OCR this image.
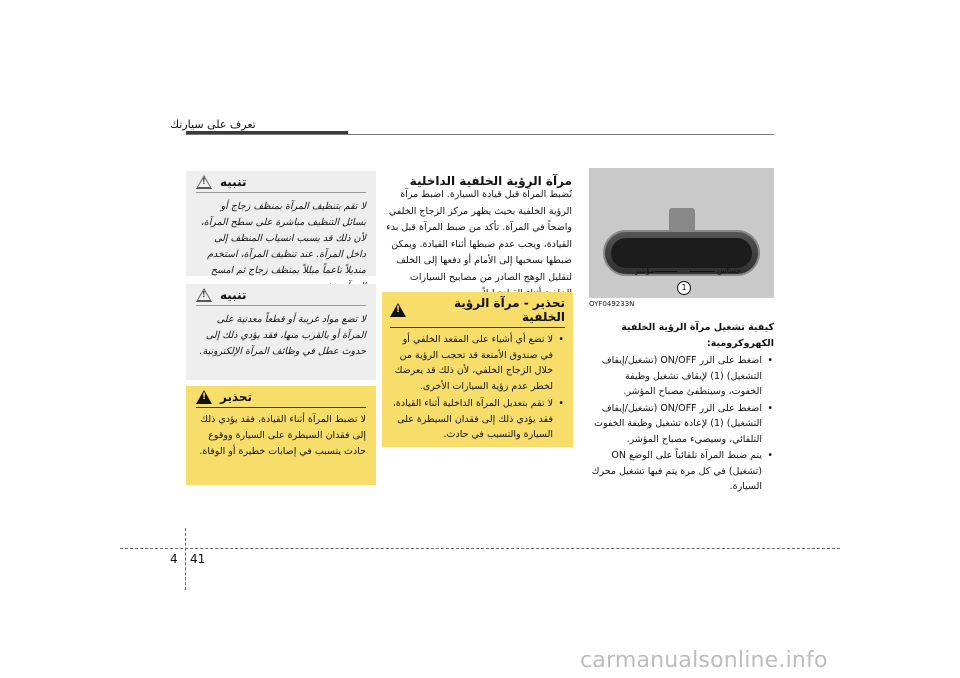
تعرف على سيارتك
تنبيه
!
لا تقم بتنظيف المرآة بمنظف زجاج أو بسائل التنظيف مباشرة على سطح المرآة، لأن ذلك قد يسبب انسياب المنظف إلى داخل المرآة. عند تنظيف المرآة، استخدم منديلاً ناعماً مبللاً بمنظف زجاج ثم امسح
تنبيه
!
لا تضع مواد غريبة أو قطعاً معدنية على المرآة أو بالقرب منها، فقد يؤدي ذلك إلى حدوث عطل في وظائف المرآة الإلكترونية.
تحذير
!
لا تضبط المرآة أثناء القيادة، فقد يؤدي ذلك إلى فقدان السيطرة على السيارة ووقوع حادث يتسبب في إصابات خطيرة أو الوفاة.
مرآة الرؤية الخلفية الداخلية
تُضبط المرآة قبل قيادة السيارة. اضبط مرآة الرؤية الخلفية بحيث يظهر مركز الزجاج الخلفي واضحاً في المرآة. تأكد من ضبط المرآة قبل بدء القيادة، ويجب عدم ضبطها أثناء القيادة. ويمكن ضبطها بسحبها إلى الأمام أو دفعها إلى الخلف لتقليل الوهج الصادر من مصابيح السيارات
تحذير - مرآة الرؤية الخلفية
!
• لا تضع أي أشياء على المقعد الخلفي أو في صندوق الأمتعة قد تحجب الرؤية من خلال الزجاج الخلفي، لأن ذلك قد يعرضك لخطر عدم رؤية السيارات الأخرى.
• لا تقم بتعديل المرآة الداخلية أثناء القيادة، فقد يؤدي ذلك إلى فقدان السيطرة على السيارة والتسبب في حادث.
مؤشر	حساس
1
OYF049233N
كيفية تشغيل مرآة الرؤية الخلفية الكهروكرومية:
• اضغط على الزر ON/OFF (تشغيل/إيقاف التشغيل) (1) لإيقاف تشغيل وظيفة الخفوت، وسينطفئ مصباح المؤشر.
• اضغط على الزر ON/OFF (تشغيل/إيقاف التشغيل) (1) لإعادة تشغيل وظيفة الخفوت التلقائي، وسيضيء مصباح المؤشر.
• يتم ضبط المرآة تلقائياً على الوضع ON (تشغيل) في كل مرة يتم فيها تشغيل محرك السيارة.
4 41
carmanualsonline.info
